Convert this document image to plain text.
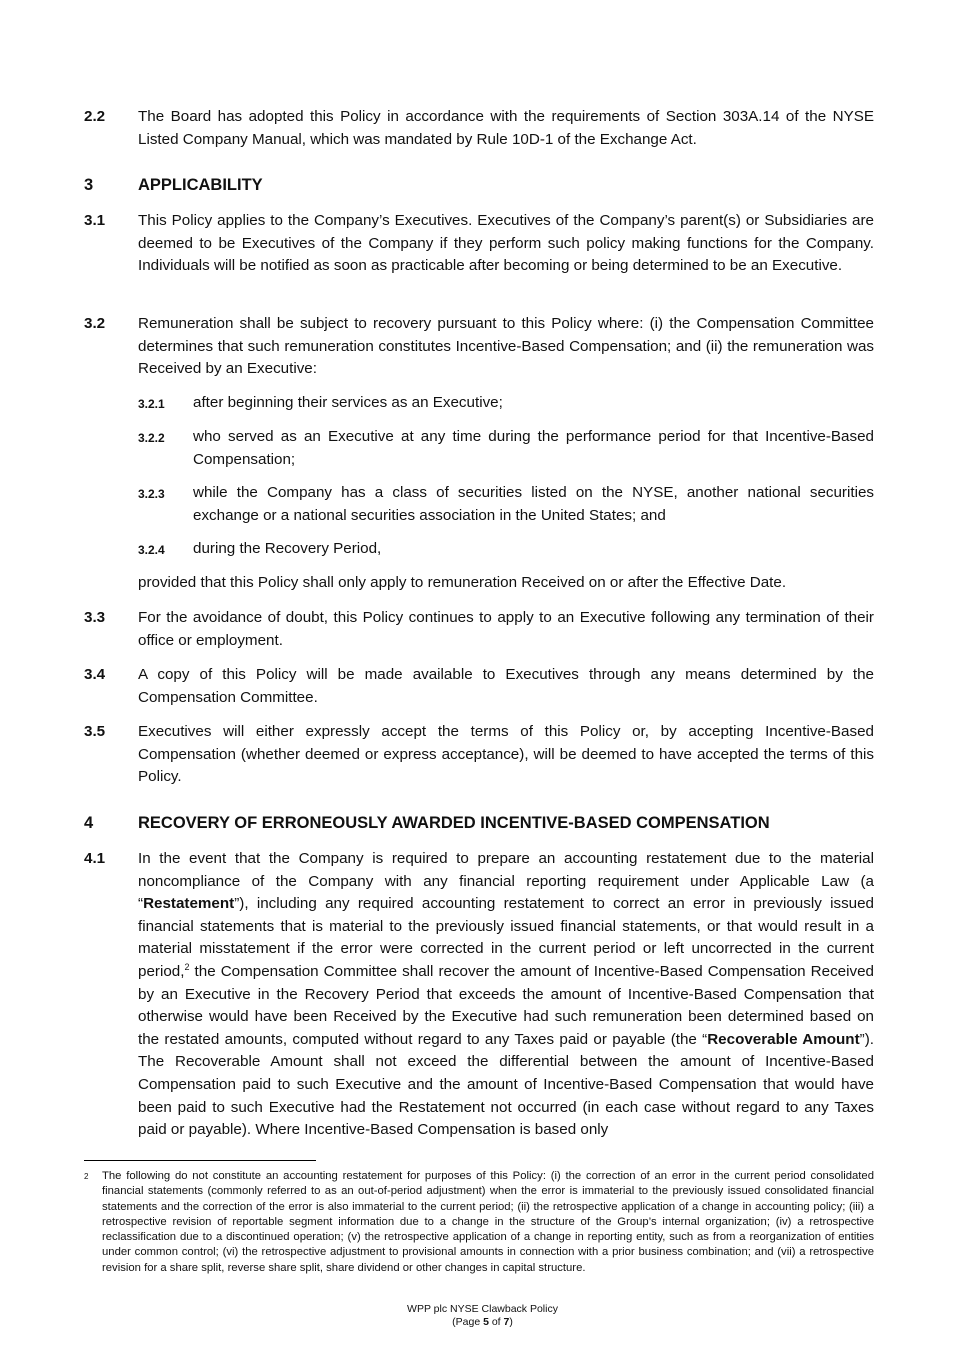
2.2 The Board has adopted this Policy in accordance with the requirements of Section 303A.14 of the NYSE Listed Company Manual, which was mandated by Rule 10D-1 of the Exchange Act.
3	APPLICABILITY
3.1 This Policy applies to the Company’s Executives. Executives of the Company’s parent(s) or Subsidiaries are deemed to be Executives of the Company if they perform such policy making functions for the Company. Individuals will be notified as soon as practicable after becoming or being determined to be an Executive.
3.2 Remuneration shall be subject to recovery pursuant to this Policy where: (i) the Compensation Committee determines that such remuneration constitutes Incentive-Based Compensation; and (ii) the remuneration was Received by an Executive:
3.2.1 after beginning their services as an Executive;
3.2.2 who served as an Executive at any time during the performance period for that Incentive-Based Compensation;
3.2.3 while the Company has a class of securities listed on the NYSE, another national securities exchange or a national securities association in the United States; and
3.2.4 during the Recovery Period,
provided that this Policy shall only apply to remuneration Received on or after the Effective Date.
3.3 For the avoidance of doubt, this Policy continues to apply to an Executive following any termination of their office or employment.
3.4 A copy of this Policy will be made available to Executives through any means determined by the Compensation Committee.
3.5 Executives will either expressly accept the terms of this Policy or, by accepting Incentive-Based Compensation (whether deemed or express acceptance), will be deemed to have accepted the terms of this Policy.
4	RECOVERY OF ERRONEOUSLY AWARDED INCENTIVE-BASED COMPENSATION
4.1 In the event that the Company is required to prepare an accounting restatement due to the material noncompliance of the Company with any financial reporting requirement under Applicable Law (a “Restatement”), including any required accounting restatement to correct an error in previously issued financial statements that is material to the previously issued financial statements, or that would result in a material misstatement if the error were corrected in the current period or left uncorrected in the current period,$^2$ the Compensation Committee shall recover the amount of Incentive-Based Compensation Received by an Executive in the Recovery Period that exceeds the amount of Incentive-Based Compensation that otherwise would have been Received by the Executive had such remuneration been determined based on the restated amounts, computed without regard to any Taxes paid or payable (the “Recoverable Amount”). The Recoverable Amount shall not exceed the differential between the amount of Incentive-Based Compensation paid to such Executive and the amount of Incentive-Based Compensation that would have been paid to such Executive had the Restatement not occurred (in each case without regard to any Taxes paid or payable). Where Incentive-Based Compensation is based only
2 The following do not constitute an accounting restatement for purposes of this Policy: (i) the correction of an error in the current period consolidated financial statements (commonly referred to as an out-of-period adjustment) when the error is immaterial to the previously issued consolidated financial statements and the correction of the error is also immaterial to the current period; (ii) the retrospective application of a change in accounting policy; (iii) a retrospective revision of reportable segment information due to a change in the structure of the Group’s internal organization; (iv) a retrospective reclassification due to a discontinued operation; (v) the retrospective application of a change in reporting entity, such as from a reorganization of entities under common control; (vi) the retrospective adjustment to provisional amounts in connection with a prior business combination; and (vii) a retrospective revision for a share split, reverse share split, share dividend or other changes in capital structure.
WPP plc NYSE Clawback Policy
(Page 5 of 7)
